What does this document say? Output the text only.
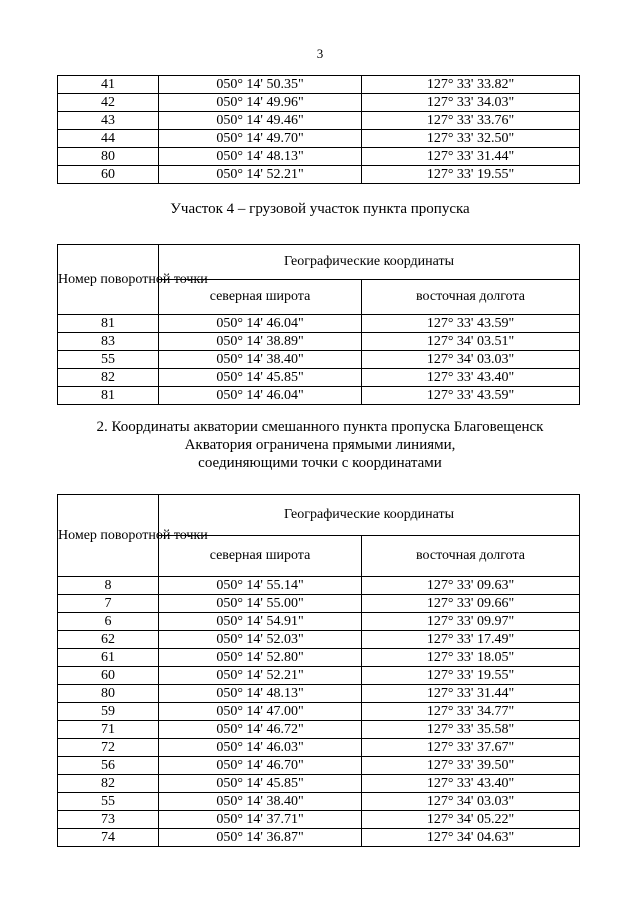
3
41	050° 14' 50.35"	127° 33' 33.82"
42	050° 14' 49.96"	127° 33' 34.03"
43	050° 14' 49.46"	127° 33' 33.76"
44	050° 14' 49.70"	127° 33' 32.50"
80	050° 14' 48.13"	127° 33' 31.44"
60	050° 14' 52.21"	127° 33' 19.55"
Участок 4 – грузовой участок пункта пропуска
Номер поворотной точки	Географические координаты	
	северная широта	восточная долгота
81	050° 14' 46.04"	127° 33' 43.59"
83	050° 14' 38.89"	127° 34' 03.51"
55	050° 14' 38.40"	127° 34' 03.03"
82	050° 14' 45.85"	127° 33' 43.40"
81	050° 14' 46.04"	127° 33' 43.59"
2. Координаты акватории смешанного пункта пропуска Благовещенск
Акватория ограничена прямыми линиями,
соединяющими точки с координатами
Номер поворотной точки	Географические координаты	
	северная широта	восточная долгота
8	050° 14' 55.14"	127° 33' 09.63"
7	050° 14' 55.00"	127° 33' 09.66"
6	050° 14' 54.91"	127° 33' 09.97"
62	050° 14' 52.03"	127° 33' 17.49"
61	050° 14' 52.80"	127° 33' 18.05"
60	050° 14' 52.21"	127° 33' 19.55"
80	050° 14' 48.13"	127° 33' 31.44"
59	050° 14' 47.00"	127° 33' 34.77"
71	050° 14' 46.72"	127° 33' 35.58"
72	050° 14' 46.03"	127° 33' 37.67"
56	050° 14' 46.70"	127° 33' 39.50"
82	050° 14' 45.85"	127° 33' 43.40"
55	050° 14' 38.40"	127° 34' 03.03"
73	050° 14' 37.71"	127° 34' 05.22"
74	050° 14' 36.87"	127° 34' 04.63"
